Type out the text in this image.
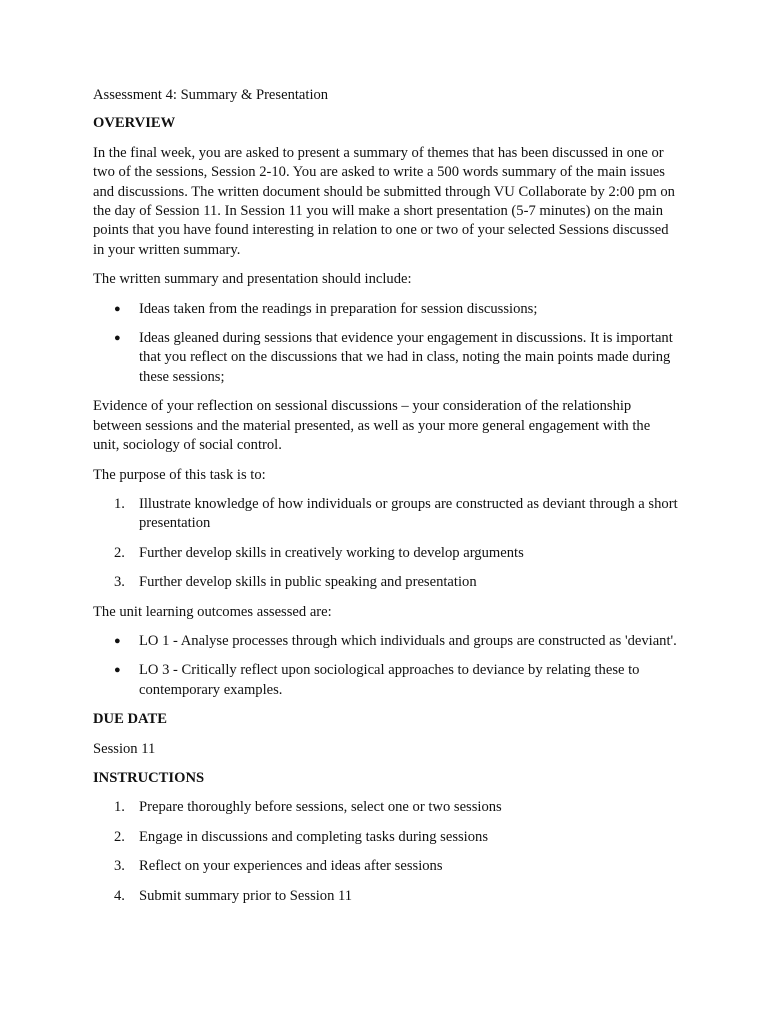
Assessment 4: Summary & Presentation

OVERVIEW

In the final week, you are asked to present a summary of themes that has been discussed in one or two of the sessions, Session 2-10. You are asked to write a 500 words summary of the main issues and discussions. The written document should be submitted through VU Collaborate by 2:00 pm on the day of Session 11. In Session 11 you will make a short presentation (5-7 minutes) on the main points that you have found interesting in relation to one or two of your selected Sessions discussed in your written summary.

The written summary and presentation should include:

● Ideas taken from the readings in preparation for session discussions;
● Ideas gleaned during sessions that evidence your engagement in discussions. It is important that you reflect on the discussions that we had in class, noting the main points made during these sessions;

Evidence of your reflection on sessional discussions – your consideration of the relationship between sessions and the material presented, as well as your more general engagement with the unit, sociology of social control.

The purpose of this task is to:

1. Illustrate knowledge of how individuals or groups are constructed as deviant through a short presentation
2. Further develop skills in creatively working to develop arguments
3. Further develop skills in public speaking and presentation

The unit learning outcomes assessed are:

● LO 1 - Analyse processes through which individuals and groups are constructed as 'deviant'.
● LO 3 - Critically reflect upon sociological approaches to deviance by relating these to contemporary examples.

DUE DATE

Session 11

INSTRUCTIONS

1. Prepare thoroughly before sessions, select one or two sessions
2. Engage in discussions and completing tasks during sessions
3. Reflect on your experiences and ideas after sessions
4. Submit summary prior to Session 11
